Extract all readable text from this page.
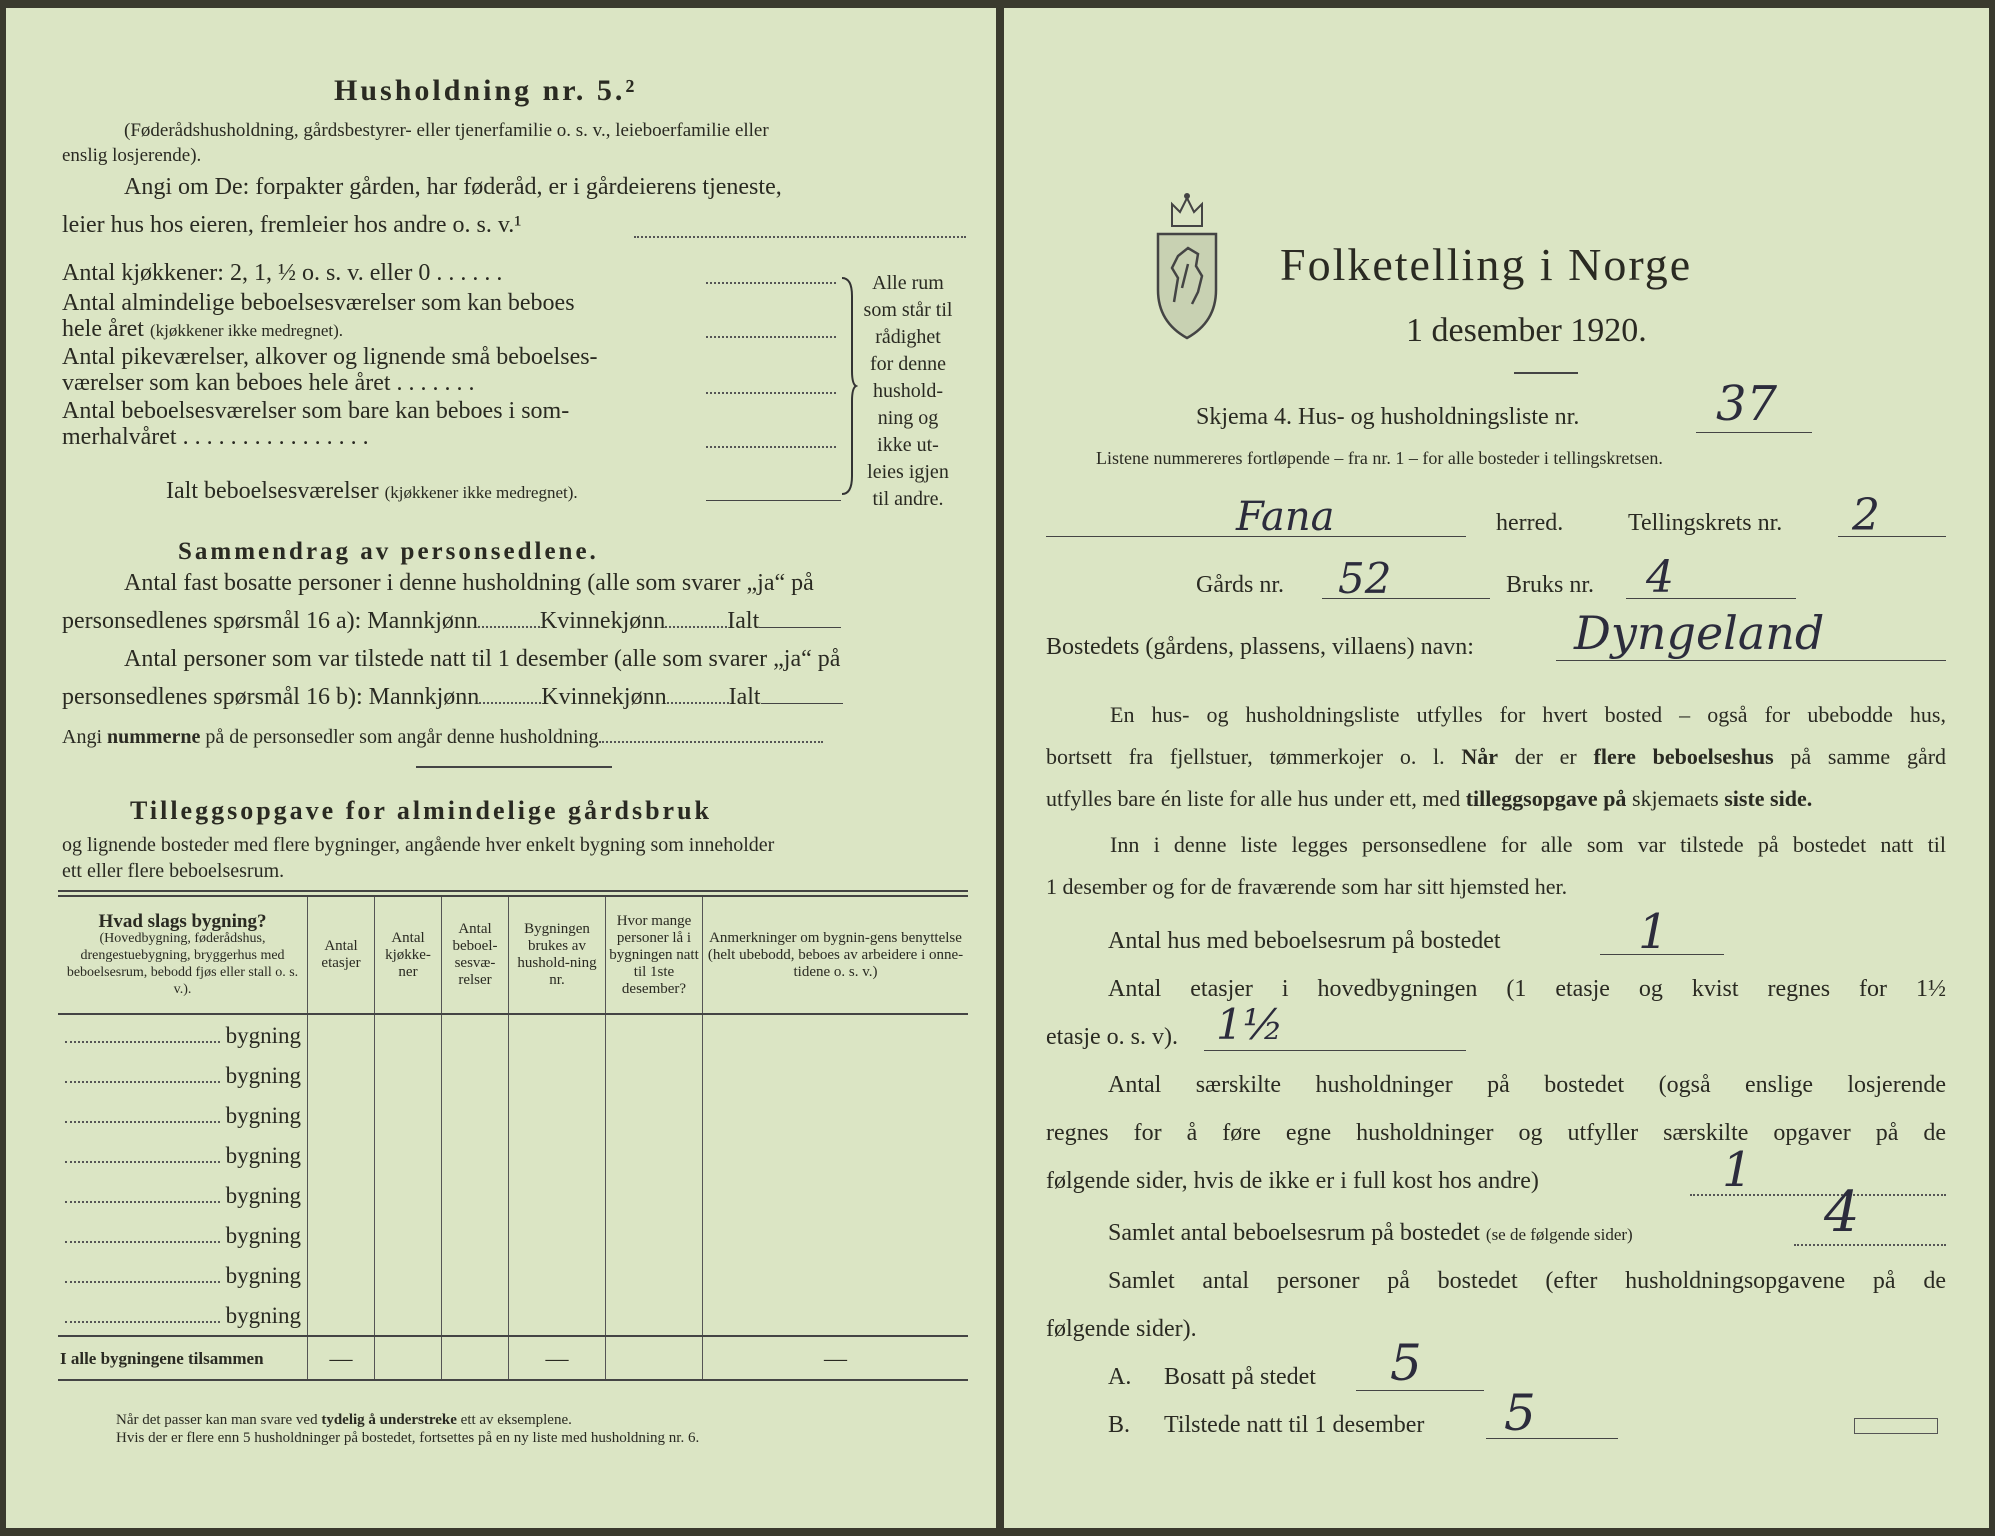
Husholdning nr. 5.²
(Føderådshusholdning, gårdsbestyrer- eller tjenerfamilie o. s. v., leieboerfamilie eller
enslig losjerende).
Angi om De: forpakter gården, har føderåd, er i gårdeierens tjeneste,
leier hus hos eieren, fremleier hos andre o. s. v.¹
Antal kjøkkener: 2, 1, ½ o. s. v. eller 0 . . . . . .
Antal almindelige beboelsesværelser som kan beboes
hele året (kjøkkener ikke medregnet).
Antal pikeværelser, alkover og lignende små beboelses-
værelser som kan beboes hele året . . . . . . .
Antal beboelsesværelser som bare kan beboes i som-
merhalvåret . . . . . . . . . . . . . . . .
Alle rum
som står til
rådighet
for denne
hushold-
ning og
ikke ut-
leies igjen
til andre.
Ialt beboelsesværelser (kjøkkener ikke medregnet).
Sammendrag av personsedlene.
Antal fast bosatte personer i denne husholdning (alle som svarer „ja“ på
personsedlenes spørsmål 16 a): Mannkjønn	Kvinnekjønn	Ialt
Antal personer som var tilstede natt til 1 desember (alle som svarer „ja“ på
personsedlenes spørsmål 16 b): Mannkjønn	Kvinnekjønn	Ialt
Angi nummerne på de personsedler som angår denne husholdning
Tilleggsopgave for almindelige gårdsbruk
og lignende bosteder med flere bygninger, angående hver enkelt bygning som inneholder
ett eller flere beboelsesrum.
Hvad slags bygning?
(Hovedbygning, føderådshus, drengestuebygning, bryggerhus med beboelsesrum, bebodd fjøs eller stall o. s. v.).	Antal etasjer	Antal kjøkke-ner	Antal beboel-sesvæ-relser	Bygningen brukes av hushold-ning nr.	Hvor mange personer lå i bygningen natt til 1ste desember?	Anmerkninger om bygnin-gens benyttelse (helt ubebodd, beboes av arbeidere i onne-tidene o. s. v.)
bygning						
bygning						
bygning						
bygning						
bygning						
bygning						
bygning						
bygning						
I alle bygningene tilsammen	—			—		—
Når det passer kan man svare ved tydelig å understreke ett av eksemplene.
Hvis der er flere enn 5 husholdninger på bostedet, fortsettes på en ny liste med husholdning nr. 6.
Folketelling i Norge
1 desember 1920.
Skjema 4. Hus- og husholdningsliste nr.	37
Listene nummereres fortløpende – fra nr. 1 – for alle bosteder i tellingskretsen.
Fana	herred.	Tellingskrets nr. 2
Gårds nr. 52	Bruks nr. 4
Bostedets (gårdens, plassens, villaens) navn: Dyngeland
En hus- og husholdningsliste utfylles for hvert bosted – også for ubebodde hus,
bortsett fra fjellstuer, tømmerkojer o. l. Når der er flere beboelseshus på samme gård
utfylles bare én liste for alle hus under ett, med tilleggsopgave på skjemaets siste side.
Inn i denne liste legges personsedlene for alle som var tilstede på bostedet natt til
1 desember og for de fraværende som har sitt hjemsted her.
Antal hus med beboelsesrum på bostedet	1
Antal etasjer i hovedbygningen (1 etasje og kvist regnes for 1½
etasje o. s. v). 1½
Antal særskilte husholdninger på bostedet (også enslige losjerende
regnes for å føre egne husholdninger og utfyller særskilte opgaver på de
følgende sider, hvis de ikke er i full kost hos andre)	1
Samlet antal beboelsesrum på bostedet (se de følgende sider)	4
Samlet antal personer på bostedet (efter husholdningsopgavene på de
følgende sider).
A. Bosatt på stedet 5
B. Tilstede natt til 1 desember 5
